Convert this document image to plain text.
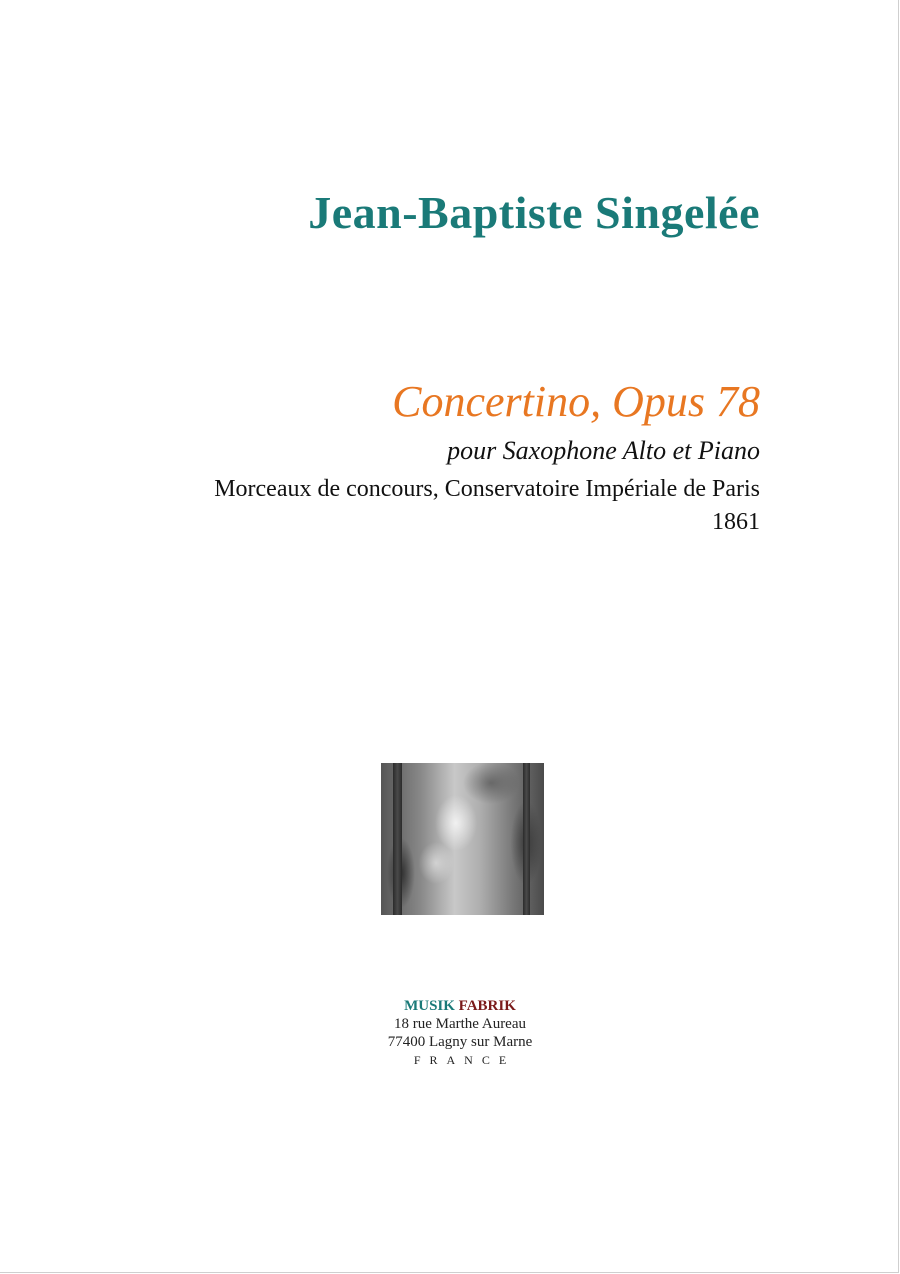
Jean-Baptiste Singelée
Concertino, Opus 78
pour Saxophone Alto et Piano
Morceaux de concours, Conservatoire Impériale de Paris
1861
MUSIK FABRIK
18 rue Marthe Aureau
77400 Lagny sur Marne
FRANCE
